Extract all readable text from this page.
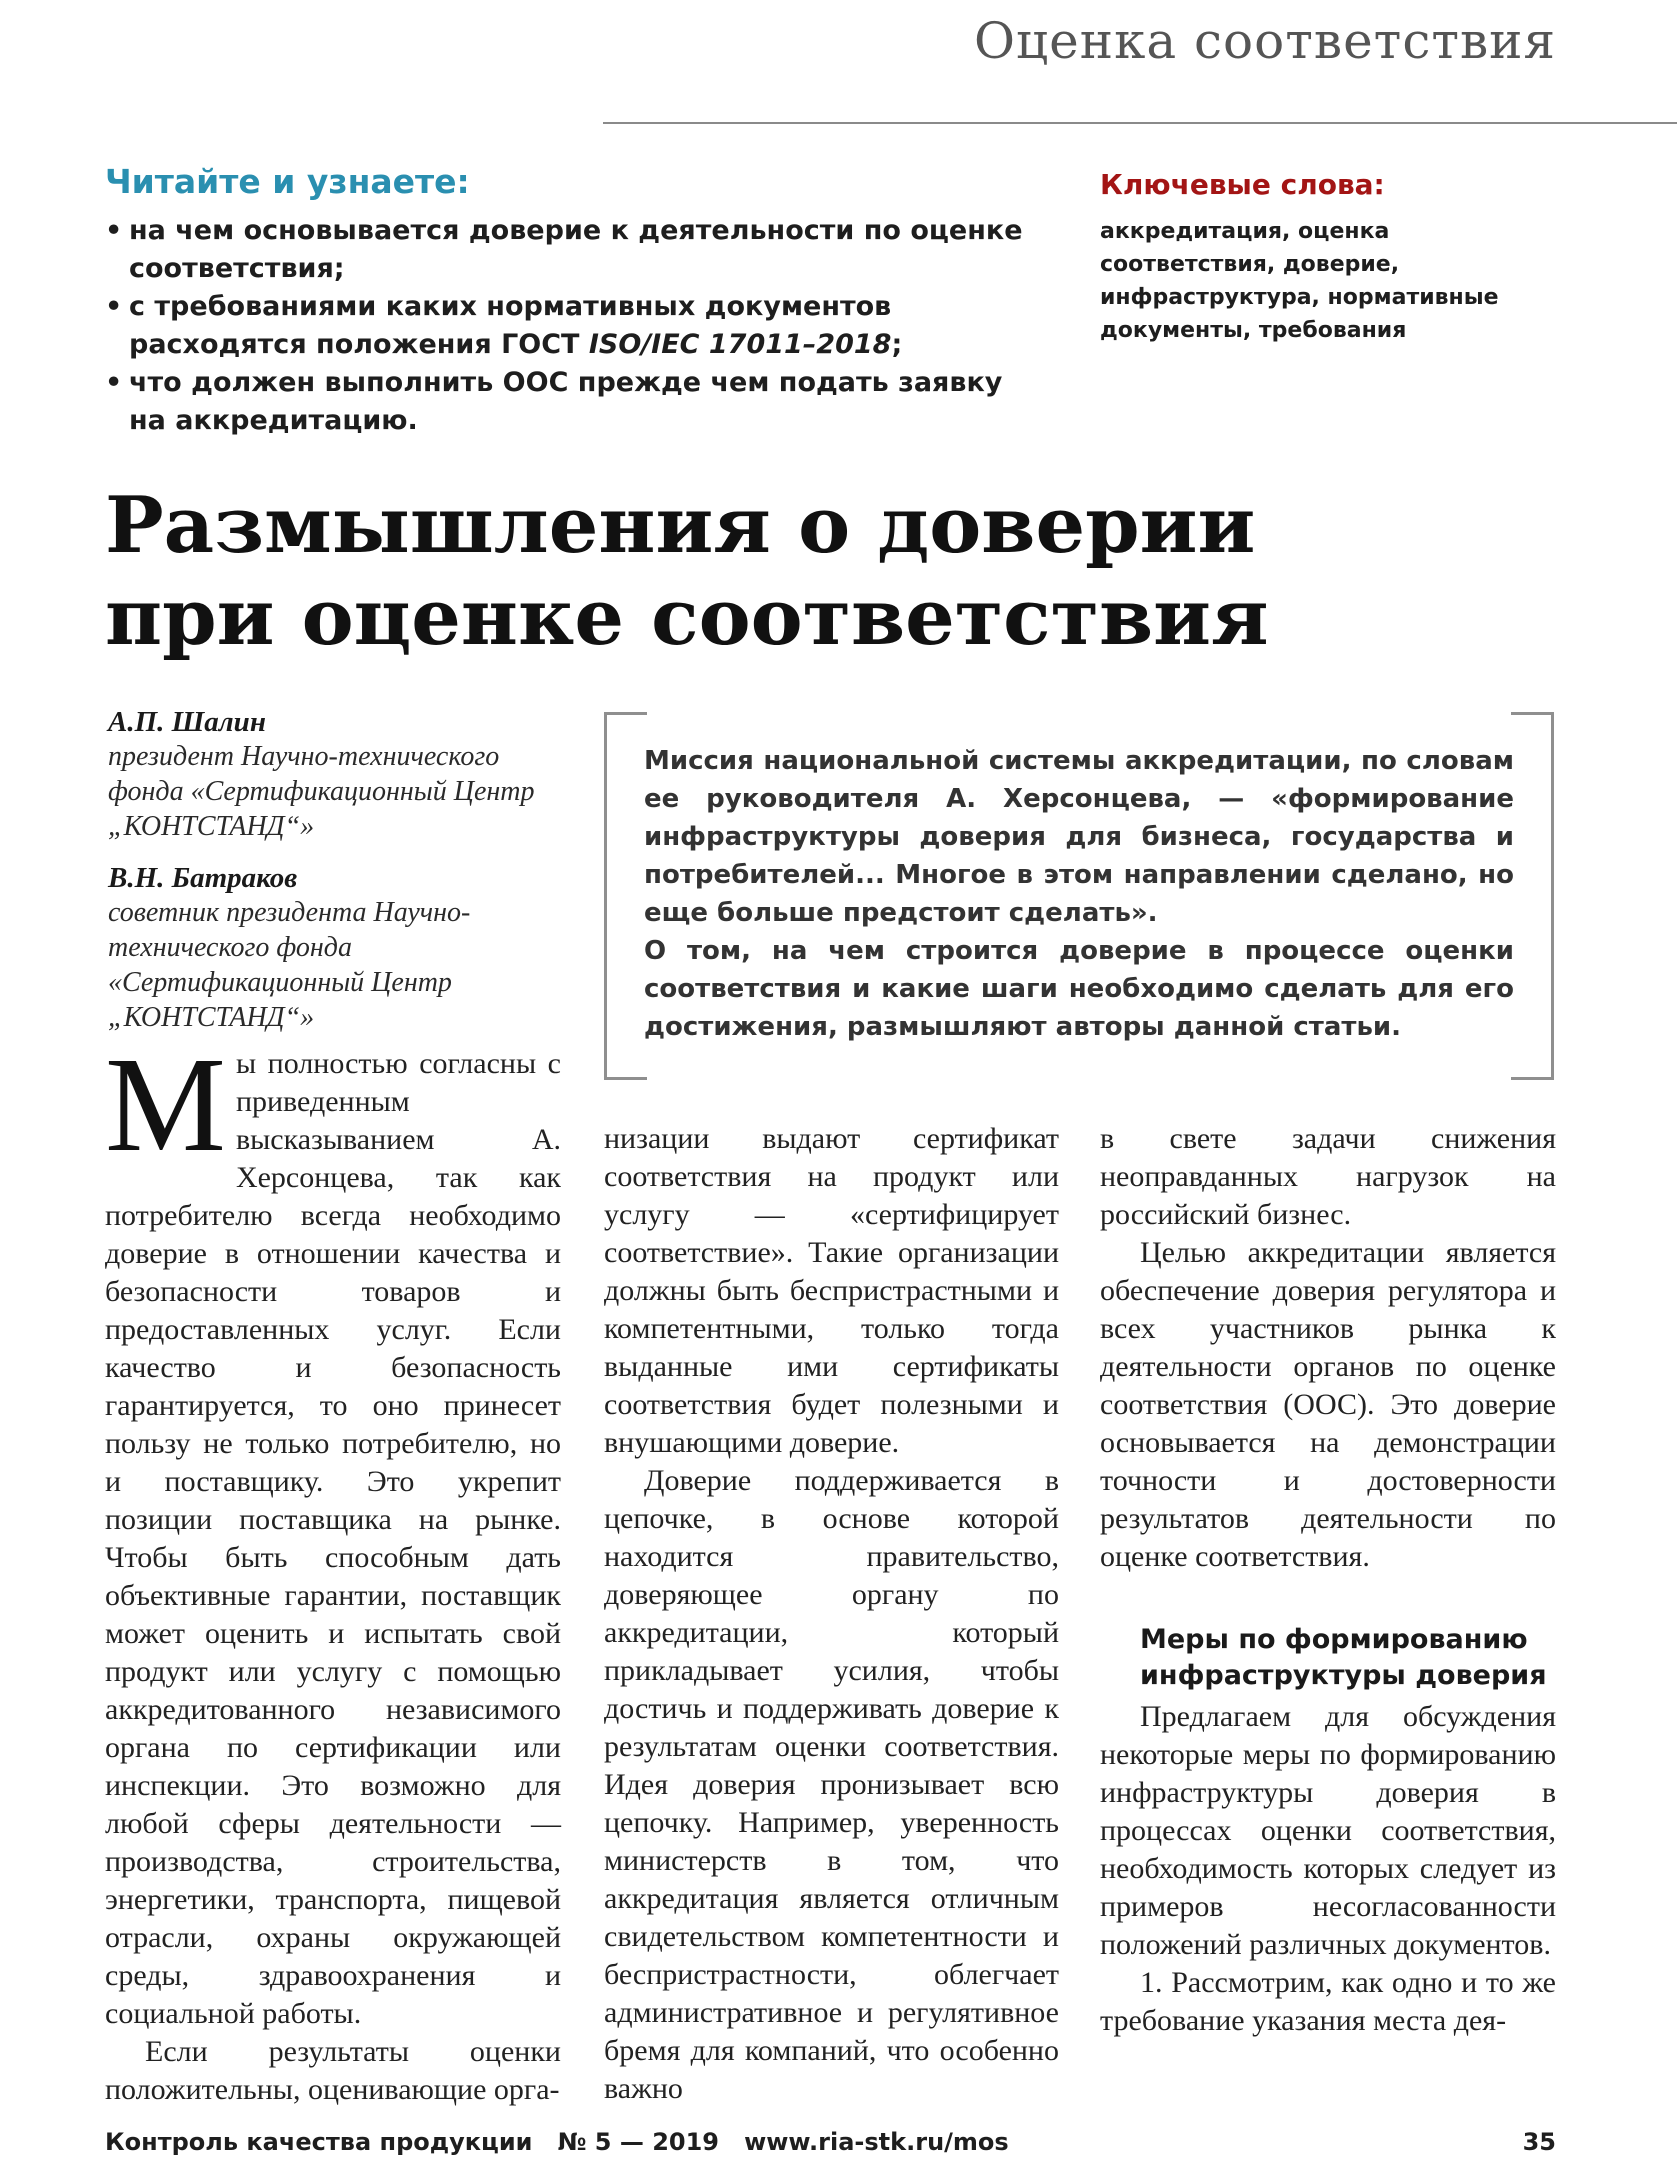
Оценка соответствия
Читайте и узнаете:
• на чем основывается доверие к деятельности по оценке соответствия;
• с требованиями каких нормативных документов расходятся положения ГОСТ ISO/IEC 17011–2018;
• что должен выполнить ООС прежде чем подать заявку на аккредитацию.
Ключевые слова:
аккредитация, оценка соответствия, доверие, инфраструктура, нормативные документы, требования
Размышления о доверии
при оценке соответствия
А.П. Шалин
президент Научно-технического фонда «Сертификационный Центр „КОНТСТАНД“»
В.Н. Батраков
советник президента Научно-технического фонда «Сертификационный Центр „КОНТСТАНД“»

Миссия национальной системы аккредитации, по словам ее руководителя А. Херсонцева, — «формирование инфраструктуры доверия для бизнеса, государства и потребителей... Многое в этом направлении сделано, но еще больше предстоит сделать».

О том, на чем строится доверие в процессе оценки соответствия и какие шаги необходимо сделать для его достижения, размышляют авторы данной статьи.

Мы полностью согласны с приведенным высказыванием А. Херсонцева, так как потребителю всегда необходимо доверие в отношении качества и безопасности товаров и предоставленных услуг. Если качество и безопасность гарантируется, то оно принесет пользу не только потребителю, но и поставщику. Это укрепит позиции поставщика на рынке. Чтобы быть способным дать объективные гарантии, поставщик может оценить и испытать свой продукт или услугу с помощью аккредитованного независимого органа по сертификации или инспекции. Это возможно для любой сферы деятельности — производства, строительства, энергетики, транспорта, пищевой отрасли, охраны окружающей среды, здравоохранения и социальной работы.

Если результаты оценки положительны, оценивающие орга-

низации выдают сертификат соответствия на продукт или услугу — «сертифицирует соответствие». Такие организации должны быть беспристрастными и компетентными, только тогда выданные ими сертификаты соответствия будет полезными и внушающими доверие.

Доверие поддерживается в цепочке, в основе которой находится правительство, доверяющее органу по аккредитации, который прикладывает усилия, чтобы достичь и поддерживать доверие к результатам оценки соответствия. Идея доверия пронизывает всю цепочку. Например, уверенность министерств в том, что аккредитация является отличным свидетельством компетентности и беспристрастности, облегчает административное и регулятивное бремя для компаний, что особенно важно

в свете задачи снижения неоправданных нагрузок на российский бизнес.

Целью аккредитации является обеспечение доверия регулятора и всех участников рынка к деятельности органов по оценке соответствия (ООС). Это доверие основывается на демонстрации точности и достоверности результатов деятельности по оценке соответствия.

Меры по формированию инфраструктуры доверия

Предлагаем для обсуждения некоторые меры по формированию инфраструктуры доверия в процессах оценки соответствия, необходимость которых следует из примеров несогласованности положений различных документов.

1. Рассмотрим, как одно и то же требование указания места дея-

Контроль качества продукции № 5 — 2019 www.ria-stk.ru/mos	35
